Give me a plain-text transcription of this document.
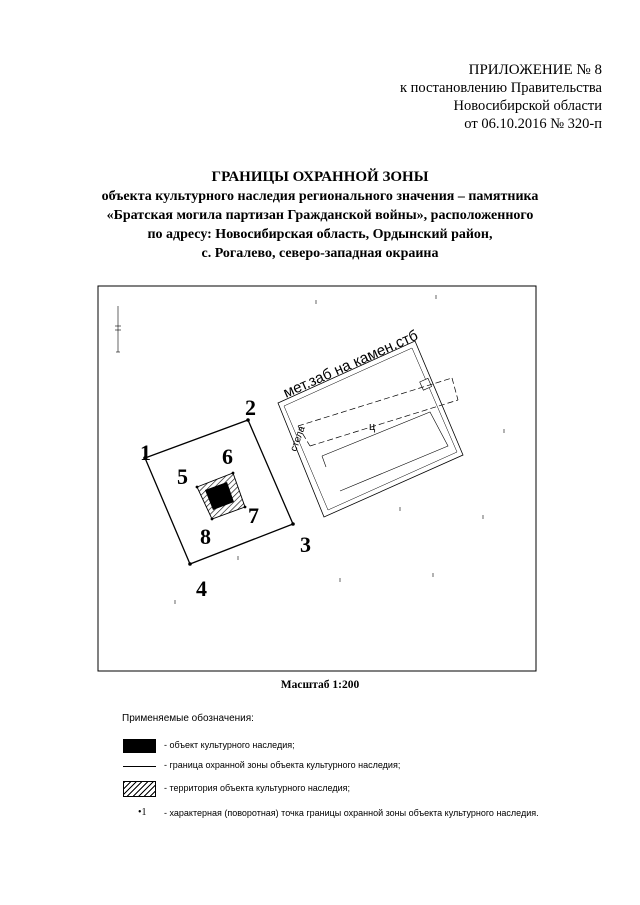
ПРИЛОЖЕНИЕ № 8
к постановлению Правительства
Новосибирской области
от 06.10.2016 № 320-п
ГРАНИЦЫ ОХРАННОЙ ЗОНЫ
объекта культурного наследия регионального значения – памятника
«Братская могила партизан Гражданской войны», расположенного
по адресу: Новосибирская область, Ордынский район,
с. Рогалево, северо-западная окраина
мет.заб на камен.стб
стела	ц
1
2
3
4
5
6
7
8
Масштаб 1:200
Применяемые обозначения:
- объект культурного наследия;
- граница охранной зоны объекта культурного наследия;
- территория объекта культурного наследия;
•1 - характерная (поворотная) точка границы охранной зоны объекта культурного наследия.
